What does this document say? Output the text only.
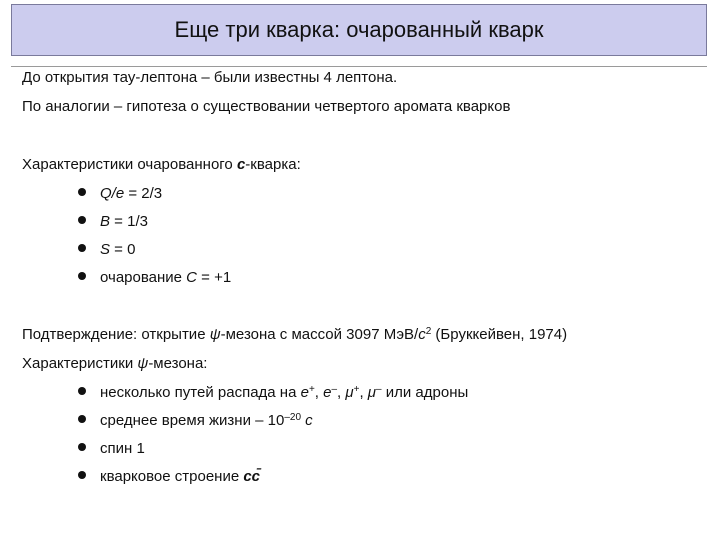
Еще три кварка: очарованный кварк
До открытия тау-лептона – были известны 4 лептона.
По аналогии – гипотеза о существовании четвертого аромата кварков
Характеристики очарованного c-кварка:
Q/e = 2/3
B = 1/3
S = 0
очарование C = +1
Подтверждение: открытие ψ-мезона с массой 3097 МэВ/$c^2$ (Бруккейвен, 1974)
Характеристики ψ-мезона:
несколько путей распада на e+, e–, μ+, μ– или адроны
среднее время жизни – $10^{-20}$ с
спин 1
кварковое строение cc̄
